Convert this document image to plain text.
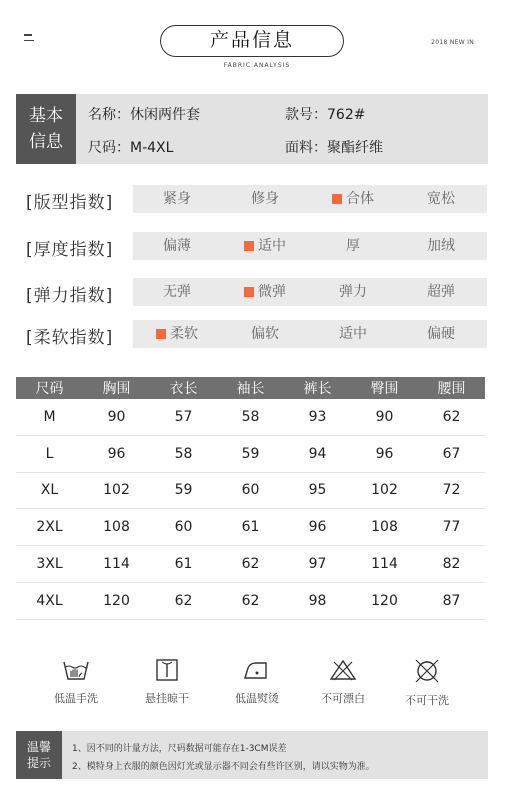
产品信息
FABRIC ANALYSIS
2018 NEW IN
基本
信息
名称：休闲两件套	款号：762#
尺码：M-4XL	面料：聚酯纤维
[版型指数]	紧身	修身	合体	宽松
[厚度指数]	偏薄	适中	厚	加绒
[弹力指数]	无弹	微弹	弹力	超弹
[柔软指数]	柔软	偏软	适中	偏硬
尺码	胸围	衣长	袖长	裤长	臀围	腰围
M	90	57	58	93	90	62
L	96	58	59	94	96	67
XL	102	59	60	95	102	72
2XL	108	60	61	96	108	77
3XL	114	61	62	97	114	82
4XL	120	62	62	98	120	87
低温手洗	悬挂晾干	低温熨烫	不可漂白	不可干洗
温馨
提示
1、因不同的计量方法，尺码数据可能存在1-3CM误差
2、模特身上衣服的颜色因灯光或显示器不同会有些许区别，请以实物为准。
